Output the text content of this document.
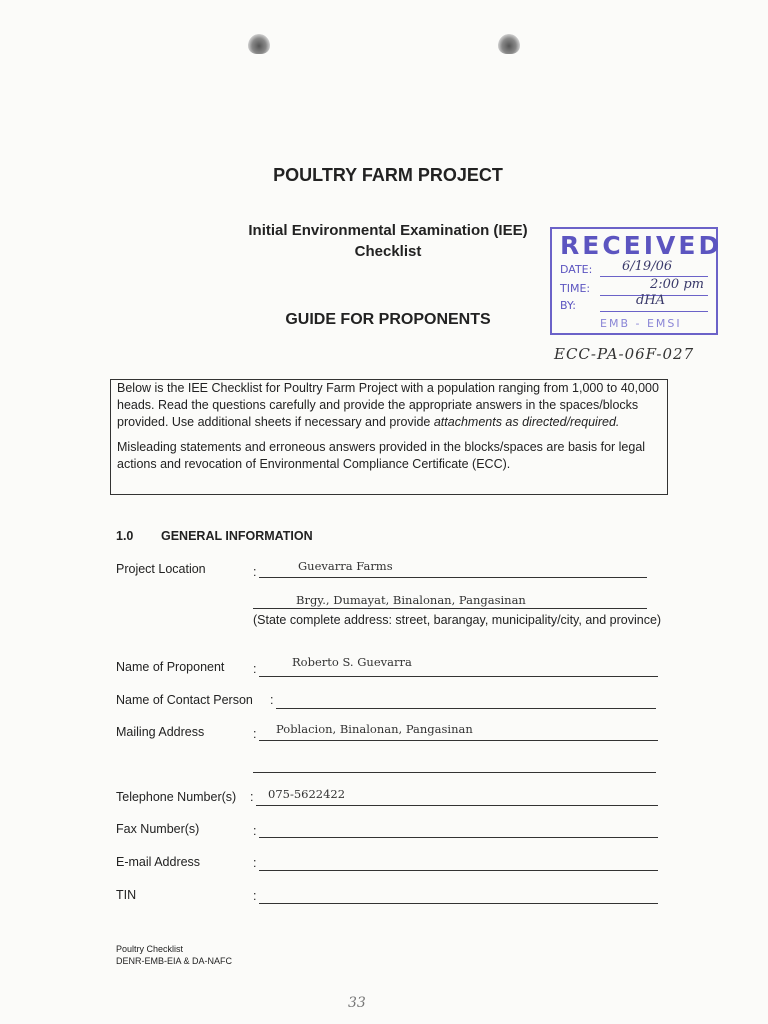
POULTRY FARM PROJECT
Initial Environmental Examination (IEE)
Checklist
GUIDE FOR PROPONENTS
RECEIVED
DATE: 6/19/06
TIME:	2:00 pm
BY:	dHA
EMB - EMSI
ECC-PA-06F-027

Below is the IEE Checklist for Poultry Farm Project with a population ranging from 1,000 to 40,000 heads. Read the questions carefully and provide the appropriate answers in the spaces/blocks provided. Use additional sheets if necessary and provide attachments as directed/required.

Misleading statements and erroneous answers provided in the blocks/spaces are basis for legal actions and revocation of Environmental Compliance Certificate (ECC).

1.0 GENERAL INFORMATION
Project Location	:	Guevarra Farms
Brgy., Dumayat, Binalonan, Pangasinan
(State complete address: street, barangay, municipality/city, and province)
Name of Proponent :	Roberto S. Guevarra
Name of Contact Person :
Mailing Address	: Poblacion, Binalonan, Pangasinan
Telephone Number(s) : 075-5622422
Fax Number(s)	:
E-mail Address	:
TIN	:
Poultry Checklist
DENR-EMB-EIA & DA-NAFC
33
